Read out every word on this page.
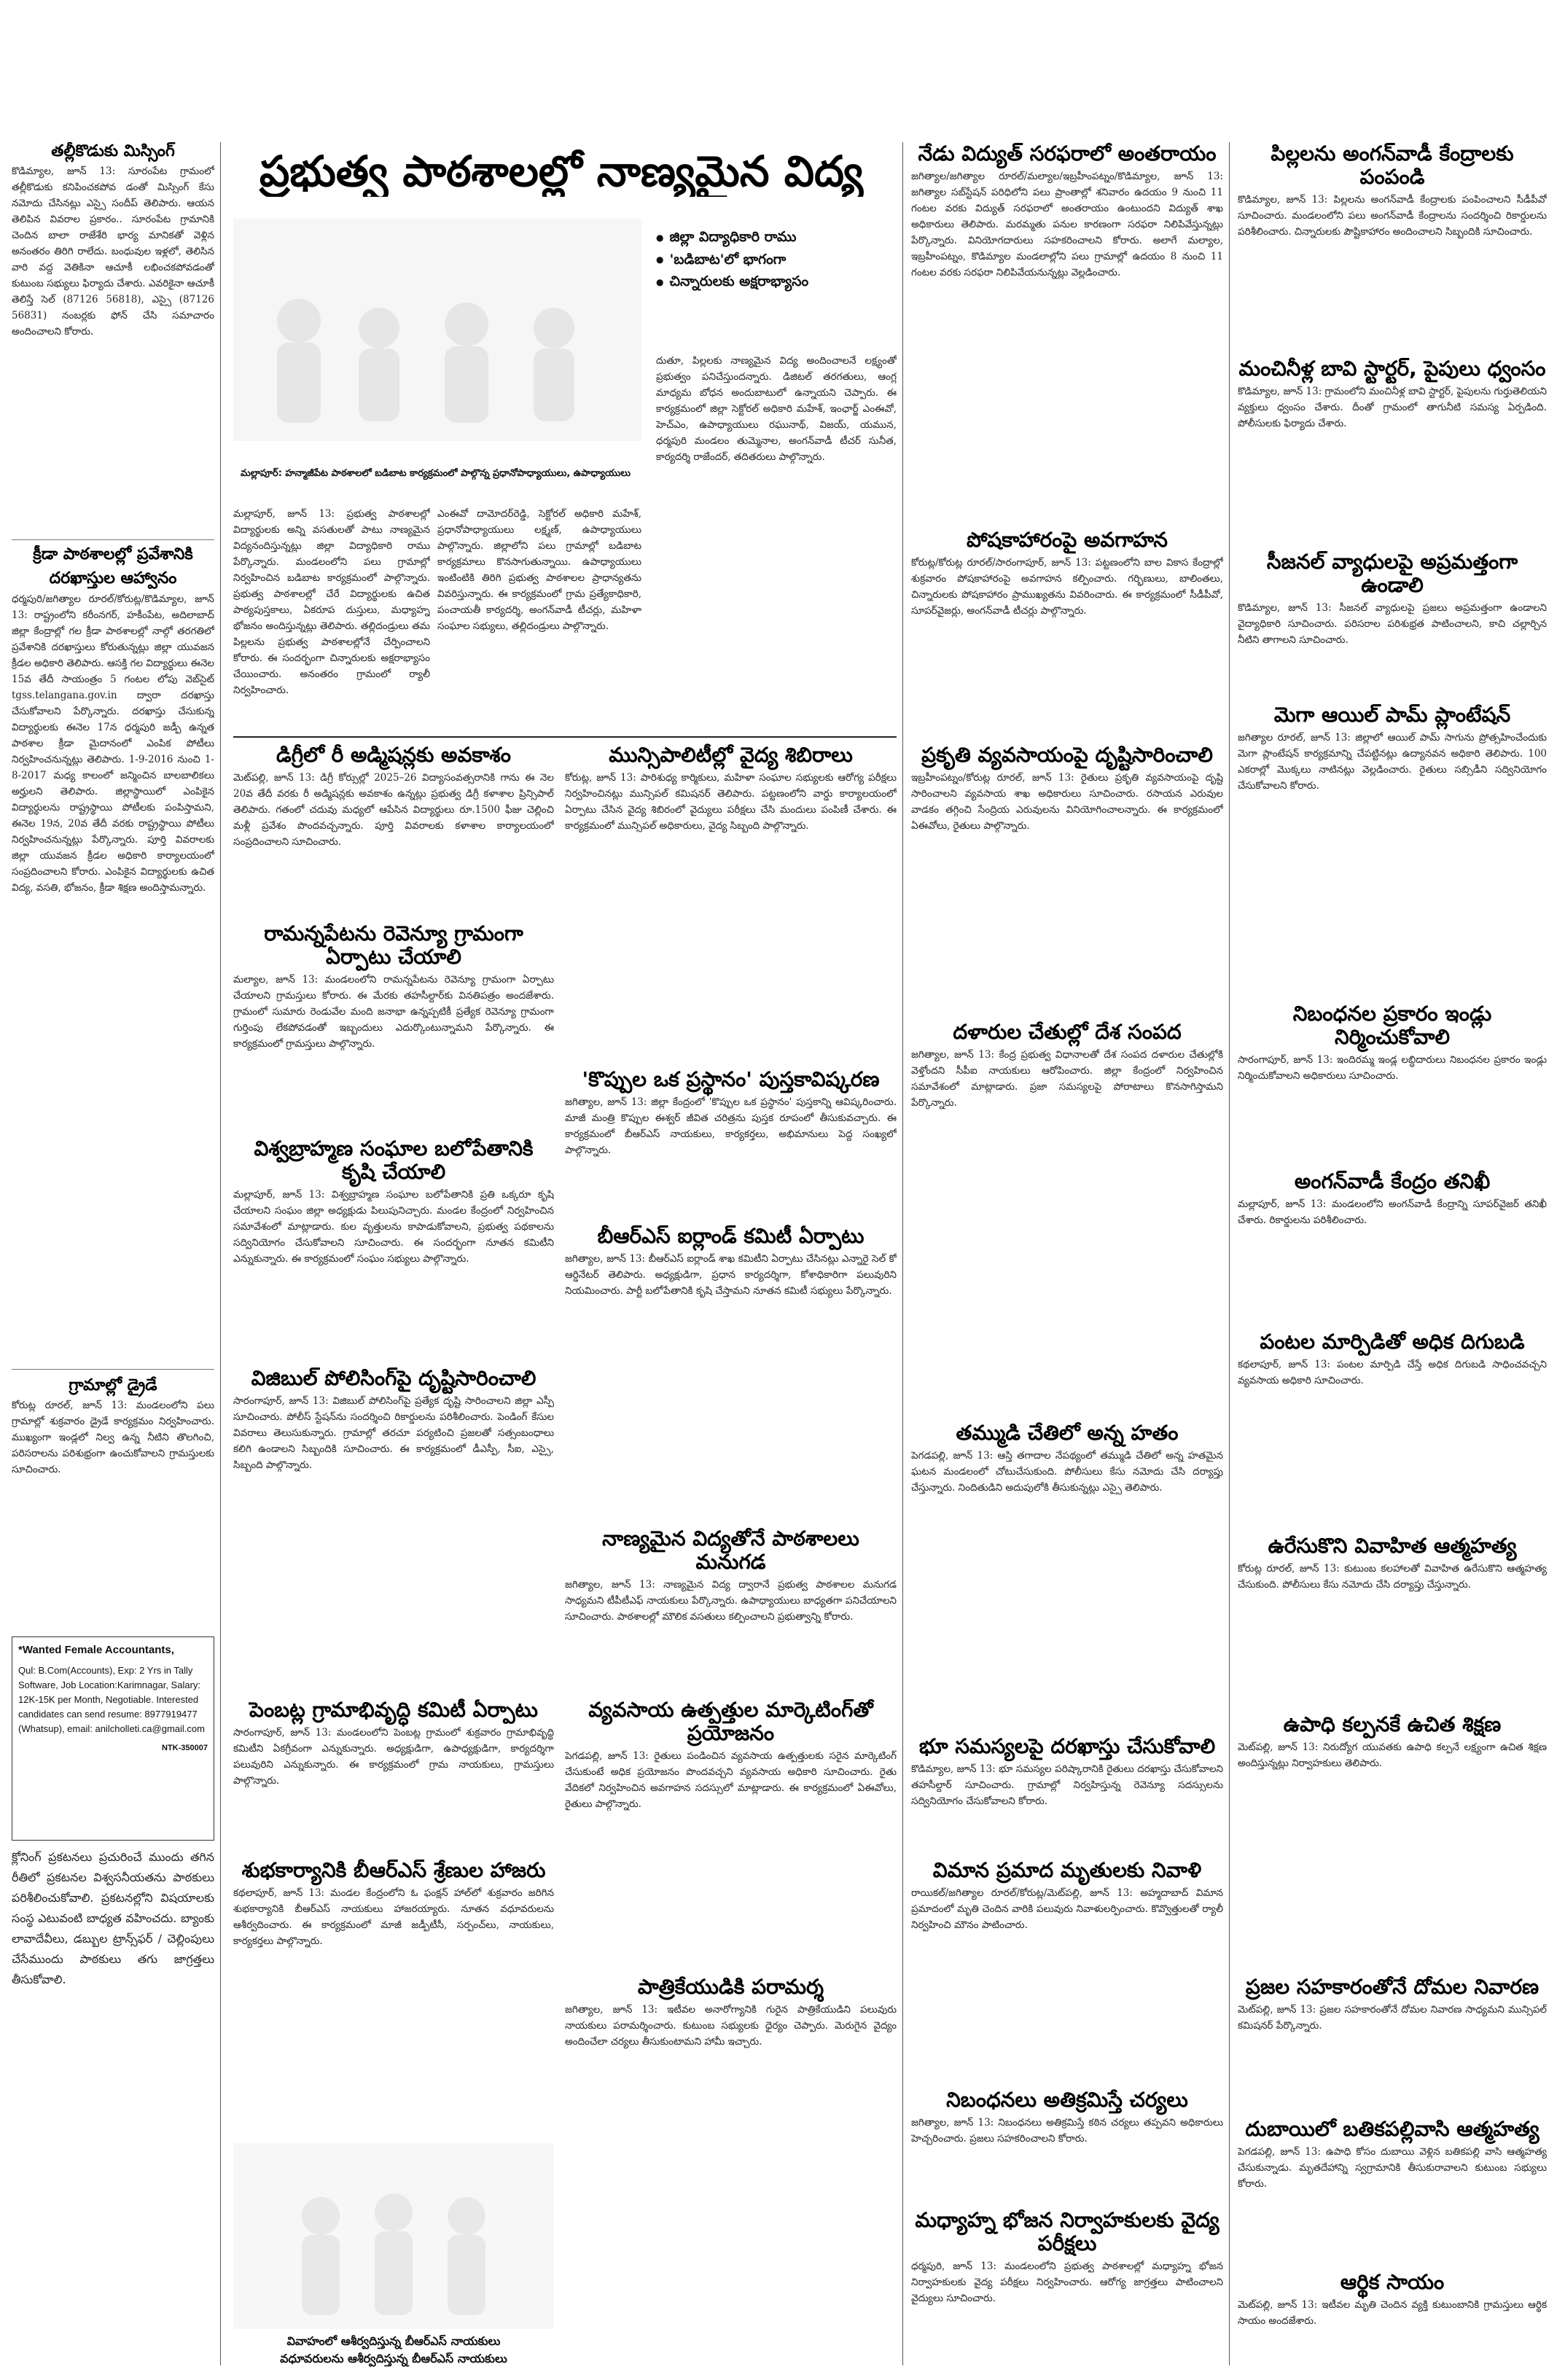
తల్లీకొడుకు మిస్సింగ్

కొడిమ్యాల, జూన్ 13: సూరంపేట గ్రామంలో తల్లీకొడుకు కనిపించకపోవ డంతో మిస్సింగ్ కేసు నమోదు చేసినట్లు ఎస్సై సందీప్ తెలిపారు. ఆయన తెలిపిన వివరాల ప్రకారం.. సూరంపేట గ్రామానికి చెందిన బాలా రాజేశేరి భార్య మానికతో వెళ్లిన అనంతరం తిరిగి రాలేదు. బంధువుల ఇళ్లలో, తెలిసిన వారి వద్ద వెతికినా ఆచూకీ లభించకపోవడంతో కుటుంబ సభ్యులు ఫిర్యాదు చేశారు. ఎవరికైనా ఆచూకీ తెలిస్తే సెల్ (87126 56818), ఎస్సై (87126 56831) నంబర్లకు ఫోన్ చేసి సమాచారం అందించాలని కోరారు.

క్రీడా పాఠశాలల్లో ప్రవేశానికి
దరఖాస్తుల ఆహ్వానం

ధర్మపురి/జగిత్యాల రూరల్/కోరుట్ల/కొడిమ్యాల, జూన్ 13: రాష్ట్రంలోని కరీంనగర్, హకీంపేట, అదిలాబాద్ జిల్లా కేంద్రాల్లో గల క్రీడా పాఠశాలల్లో నాల్గో తరగతిలో ప్రవేశానికి దరఖాస్తులు కోరుతున్నట్లు జిల్లా యువజన క్రీడల అధికారి తెలిపారు. ఆసక్తి గల విద్యార్థులు ఈనెల 15వ తేదీ సాయంత్రం 5 గంటల లోపు వెబ్‌సైట్ tgss.telangana.gov.in ద్వారా దరఖాస్తు చేసుకోవాలని పేర్కొన్నారు. దరఖాస్తు చేసుకున్న విద్యార్థులకు ఈనెల 17న ధర్మపురి జడ్పీ ఉన్నత పాఠశాల క్రీడా మైదానంలో ఎంపిక పోటీలు నిర్వహించనున్నట్లు తెలిపారు. 1-9-2016 నుంచి 1-8-2017 మధ్య కాలంలో జన్మించిన బాలబాలికలు అర్హులని తెలిపారు. జిల్లాస్థాయిలో ఎంపికైన విద్యార్థులను రాష్ట్రస్థాయి పోటీలకు పంపిస్తామని, ఈనెల 19న, 20వ తేదీ వరకు రాష్ట్రస్థాయి పోటీలు నిర్వహించనున్నట్లు పేర్కొన్నారు. పూర్తి వివరాలకు జిల్లా యువజన క్రీడల అధికారి కార్యాలయంలో సంప్రదించాలని కోరారు. ఎంపికైన విద్యార్థులకు ఉచిత విద్య, వసతి, భోజనం, క్రీడా శిక్షణ అందిస్తామన్నారు.

గ్రామాల్లో డ్రైడే

కోరుట్ల రూరల్, జూన్ 13: మండలంలోని పలు గ్రామాల్లో శుక్రవారం డ్రైడే కార్యక్రమం నిర్వహించారు. ముఖ్యంగా ఇండ్లలో నిల్వ ఉన్న నీటిని తొలగించి, పరిసరాలను పరిశుభ్రంగా ఉంచుకోవాలని గ్రామస్తులకు సూచించారు.

*Wanted Female Accountants,
Qul: B.Com(Accounts), Exp: 2 Yrs in Tally Software, Job Location:Karimnagar, Salary: 12K-15K per Month, Negotiable. Interested candidates can send resume: 8977919477 (Whatsup), email: anilcholleti.ca@gmail.com
NTK-350007

క్లోనింగ్ ప్రకటనలు ప్రచురించే ముందు తగిన రీతిలో ప్రకటనల విశ్వసనీయతను పాఠకులు పరిశీలించుకోవాలి. ప్రకటనల్లోని విషయాలకు సంస్థ ఎటువంటి బాధ్యత వహించదు. బ్యాంకు లావాదేవీలు, డబ్బుల ట్రాన్స్‌ఫర్ / చెల్లింపులు చేసేముందు పాఠకులు తగు జాగ్రత్తలు తీసుకోవాలి.

ప్రభుత్వ పాఠశాలల్లో నాణ్యమైన విద్య
● జిల్లా విద్యాధికారి రాము
● 'బడిబాట'లో భాగంగా
● చిన్నారులకు అక్షరాభ్యాసం
మల్లాపూర్: హన్మాజీపేట పాఠశాలలో బడిబాట కార్యక్రమంలో పాల్గొన్న ప్రధానోపాధ్యాయులు, ఉపాధ్యాయులు

మల్లాపూర్, జూన్ 13: ప్రభుత్వ పాఠశాలల్లో విద్యార్థులకు అన్ని వసతులతో పాటు నాణ్యమైన విద్యనందిస్తున్నట్లు జిల్లా విద్యాధికారి రాము పేర్కొన్నారు. మండలంలోని పలు గ్రామాల్లో నిర్వహించిన బడిబాట కార్యక్రమంలో పాల్గొన్నారు. ప్రభుత్వ పాఠశాలల్లో చేరే విద్యార్థులకు ఉచిత పాఠ్యపుస్తకాలు, ఏకరూప దుస్తులు, మధ్యాహ్న భోజనం అందిస్తున్నట్లు తెలిపారు. తల్లిదండ్రులు తమ పిల్లలను ప్రభుత్వ పాఠశాలల్లోనే చేర్పించాలని కోరారు. ఈ సందర్భంగా చిన్నారులకు అక్షరాభ్యాసం చేయించారు. అనంతరం గ్రామంలో ర్యాలీ నిర్వహించారు.

ఎంఈవో దామోదర్‌రెడ్డి, సెక్టోరల్ అధికారి మహేశ్, ప్రధానోపాధ్యాయులు లక్ష్మణ్, ఉపాధ్యాయులు పాల్గొన్నారు. జిల్లాలోని పలు గ్రామాల్లో బడిబాట కార్యక్రమాలు కొనసాగుతున్నాయి. ఉపాధ్యాయులు ఇంటింటికి తిరిగి ప్రభుత్వ పాఠశాలల ప్రాధాన్యతను వివరిస్తున్నారు. ఈ కార్యక్రమంలో గ్రామ ప్రత్యేకాధికారి, పంచాయతీ కార్యదర్శి, అంగన్‌వాడీ టీచర్లు, మహిళా సంఘాల సభ్యులు, తల్లిదండ్రులు పాల్గొన్నారు.

దుతూ, పిల్లలకు నాణ్యమైన విద్య అందించాలనే లక్ష్యంతో ప్రభుత్వం పనిచేస్తుందన్నారు. డిజిటల్ తరగతులు, ఆంగ్ల మాధ్యమ బోధన అందుబాటులో ఉన్నాయని చెప్పారు. ఈ కార్యక్రమంలో జిల్లా సెక్టోరల్ అధికారి మహేశ్, ఇంఛార్జ్ ఎంఈవో, హెచ్ఎం, ఉపాధ్యాయులు రఘునాథ్, విజయ్, యమున, ధర్మపురి మండలం తుమ్మెనాల, అంగన్‌వాడీ టీచర్ సునీత, కార్యదర్శి రాజేందర్, తదితరులు పాల్గొన్నారు.

డిగ్రీలో రీ అడ్మిషన్లకు అవకాశం

మెట్‌పల్లి, జూన్ 13: డిగ్రీ కోర్సుల్లో 2025–26 విద్యాసంవత్సరానికి గాను ఈ నెల 20వ తేదీ వరకు రీ అడ్మిషన్లకు అవకాశం ఉన్నట్లు ప్రభుత్వ డిగ్రీ కళాశాల ప్రిన్సిపాల్ తెలిపారు. గతంలో చదువు మధ్యలో ఆపేసిన విద్యార్థులు రూ.1500 ఫీజు చెల్లించి మళ్లీ ప్రవేశం పొందవచ్చన్నారు. పూర్తి వివరాలకు కళాశాల కార్యాలయంలో సంప్రదించాలని సూచించారు.

రామన్నపేటను రెవెన్యూ గ్రామంగా
ఏర్పాటు చేయాలి

మల్యాల, జూన్ 13: మండలంలోని రామన్నపేటను రెవెన్యూ గ్రామంగా ఏర్పాటు చేయాలని గ్రామస్తులు కోరారు. ఈ మేరకు తహసీల్దార్‌కు వినతిపత్రం అందజేశారు. గ్రామంలో సుమారు రెండువేల మంది జనాభా ఉన్నప్పటికీ ప్రత్యేక రెవెన్యూ గ్రామంగా గుర్తింపు లేకపోవడంతో ఇబ్బందులు ఎదుర్కొంటున్నామని పేర్కొన్నారు. ఈ కార్యక్రమంలో గ్రామస్తులు పాల్గొన్నారు.

విశ్వబ్రాహ్మణ సంఘాల బలోపేతానికి
కృషి చేయాలి

మల్లాపూర్, జూన్ 13: విశ్వబ్రాహ్మణ సంఘాల బలోపేతానికి ప్రతి ఒక్కరూ కృషి చేయాలని సంఘం జిల్లా అధ్యక్షుడు పిలుపునిచ్చారు. మండల కేంద్రంలో నిర్వహించిన సమావేశంలో మాట్లాడారు. కుల వృత్తులను కాపాడుకోవాలని, ప్రభుత్వ పథకాలను సద్వినియోగం చేసుకోవాలని సూచించారు. ఈ సందర్భంగా నూతన కమిటీని ఎన్నుకున్నారు. ఈ కార్యక్రమంలో సంఘం సభ్యులు పాల్గొన్నారు.

విజిబుల్ పోలిసింగ్‌పై దృష్టిసారించాలి

సారంగాపూర్, జూన్ 13: విజిబుల్ పోలిసింగ్‌పై ప్రత్యేక దృష్టి సారించాలని జిల్లా ఎస్పీ సూచించారు. పోలీస్ స్టేషన్‌ను సందర్శించి రికార్డులను పరిశీలించారు. పెండింగ్ కేసుల వివరాలు తెలుసుకున్నారు. గ్రామాల్లో తరచూ పర్యటించి ప్రజలతో సత్సంబంధాలు కలిగి ఉండాలని సిబ్బందికి సూచించారు. ఈ కార్యక్రమంలో డీఎస్పీ, సీఐ, ఎస్సై, సిబ్బంది పాల్గొన్నారు.

పెంబట్ల గ్రామాభివృద్ధి కమిటీ ఏర్పాటు

సారంగాపూర్, జూన్ 13: మండలంలోని పెంబట్ల గ్రామంలో శుక్రవారం గ్రామాభివృద్ధి కమిటీని ఏకగ్రీవంగా ఎన్నుకున్నారు. అధ్యక్షుడిగా, ఉపాధ్యక్షుడిగా, కార్యదర్శిగా పలువురిని ఎన్నుకున్నారు. ఈ కార్యక్రమంలో గ్రామ నాయకులు, గ్రామస్తులు పాల్గొన్నారు.

శుభకార్యానికి బీఆర్ఎస్ శ్రేణుల హాజరు

కథలాపూర్, జూన్ 13: మండల కేంద్రంలోని ఓ ఫంక్షన్ హాల్‌లో శుక్రవారం జరిగిన శుభకార్యానికి బీఆర్ఎస్ నాయకులు హాజరయ్యారు. నూతన వధూవరులను ఆశీర్వదించారు. ఈ కార్యక్రమంలో మాజీ జడ్పీటీసీ, సర్పంచ్‌లు, నాయకులు, కార్యకర్తలు పాల్గొన్నారు.

వివాహంలో ఆశీర్వదిస్తున్న బీఆర్ఎస్ నాయకులు
వధూవరులను ఆశీర్వదిస్తున్న బీఆర్ఎస్ నాయకులు
మున్సిపాలిటీల్లో వైద్య శిబిరాలు

కోరుట్ల, జూన్ 13: పారిశుధ్య కార్మికులు, మహిళా సంఘాల సభ్యులకు ఆరోగ్య పరీక్షలు నిర్వహించినట్లు మున్సిపల్ కమిషనర్ తెలిపారు. పట్టణంలోని వార్డు కార్యాలయంలో ఏర్పాటు చేసిన వైద్య శిబిరంలో వైద్యులు పరీక్షలు చేసి మందులు పంపిణీ చేశారు. ఈ కార్యక్రమంలో మున్సిపల్ అధికారులు, వైద్య సిబ్బంది పాల్గొన్నారు.

'కొప్పుల ఒక ప్రస్థానం' పుస్తకావిష్కరణ

జగిత్యాల, జూన్ 13: జిల్లా కేంద్రంలో 'కొప్పుల ఒక ప్రస్థానం' పుస్తకాన్ని ఆవిష్కరించారు. మాజీ మంత్రి కొప్పుల ఈశ్వర్ జీవిత చరిత్రను పుస్తక రూపంలో తీసుకువచ్చారు. ఈ కార్యక్రమంలో బీఆర్ఎస్ నాయకులు, కార్యకర్తలు, అభిమానులు పెద్ద సంఖ్యలో పాల్గొన్నారు.

బీఆర్ఎస్ ఐర్లాండ్ కమిటీ ఏర్పాటు

జగిత్యాల, జూన్ 13: బీఆర్ఎస్ ఐర్లాండ్ శాఖ కమిటీని ఏర్పాటు చేసినట్లు ఎన్నారై సెల్ కో ఆర్డినేటర్ తెలిపారు. అధ్యక్షుడిగా, ప్రధాన కార్యదర్శిగా, కోశాధికారిగా పలువురిని నియమించారు. పార్టీ బలోపేతానికి కృషి చేస్తామని నూతన కమిటీ సభ్యులు పేర్కొన్నారు.

నాణ్యమైన విద్యతోనే పాఠశాలలు మనుగడ

జగిత్యాల, జూన్ 13: నాణ్యమైన విద్య ద్వారానే ప్రభుత్వ పాఠశాలల మనుగడ సాధ్యమని టీపీటీఎఫ్ నాయకులు పేర్కొన్నారు. ఉపాధ్యాయులు బాధ్యతగా పనిచేయాలని సూచించారు. పాఠశాలల్లో మౌలిక వసతులు కల్పించాలని ప్రభుత్వాన్ని కోరారు.

వ్యవసాయ ఉత్పత్తుల మార్కెటింగ్‌తో
ప్రయోజనం

పెగడపల్లి, జూన్ 13: రైతులు పండించిన వ్యవసాయ ఉత్పత్తులకు సరైన మార్కెటింగ్ చేసుకుంటే అధిక ప్రయోజనం పొందవచ్చని వ్యవసాయ అధికారి సూచించారు. రైతు వేదికలో నిర్వహించిన అవగాహన సదస్సులో మాట్లాడారు. ఈ కార్యక్రమంలో ఏఈవోలు, రైతులు పాల్గొన్నారు.

పాత్రికేయుడికి పరామర్శ

జగిత్యాల, జూన్ 13: ఇటీవల అనారోగ్యానికి గురైన పాత్రికేయుడిని పలువురు నాయకులు పరామర్శించారు. కుటుంబ సభ్యులకు ధైర్యం చెప్పారు. మెరుగైన వైద్యం అందించేలా చర్యలు తీసుకుంటామని హామీ ఇచ్చారు.

నేడు విద్యుత్ సరఫరాలో అంతరాయం

జగిత్యాల/జగిత్యాల రూరల్/మల్యాల/ఇబ్రహీంపట్నం/కొడిమ్యాల, జూన్ 13: జగిత్యాల సబ్‌స్టేషన్ పరిధిలోని పలు ప్రాంతాల్లో శనివారం ఉదయం 9 నుంచి 11 గంటల వరకు విద్యుత్ సరఫరాలో అంతరాయం ఉంటుందని విద్యుత్ శాఖ అధికారులు తెలిపారు. మరమ్మతు పనుల కారణంగా సరఫరా నిలిపివేస్తున్నట్లు పేర్కొన్నారు. వినియోగదారులు సహకరించాలని కోరారు. అలాగే మల్యాల, ఇబ్రహీంపట్నం, కొడిమ్యాల మండలాల్లోని పలు గ్రామాల్లో ఉదయం 8 నుంచి 11 గంటల వరకు సరఫరా నిలిపివేయనున్నట్లు వెల్లడించారు.

పోషకాహారంపై అవగాహన

కోరుట్ల/కోరుట్ల రూరల్/సారంగాపూర్, జూన్ 13: పట్టణంలోని బాల వికాస కేంద్రాల్లో శుక్రవారం పోషకాహారంపై అవగాహన కల్పించారు. గర్భిణులు, బాలింతలు, చిన్నారులకు పోషకాహారం ప్రాముఖ్యతను వివరించారు. ఈ కార్యక్రమంలో సీడీపీవో, సూపర్‌వైజర్లు, అంగన్‌వాడీ టీచర్లు పాల్గొన్నారు.

ప్రకృతి వ్యవసాయంపై దృష్టిసారించాలి

ఇబ్రహీంపట్నం/కోరుట్ల రూరల్, జూన్ 13: రైతులు ప్రకృతి వ్యవసాయంపై దృష్టి సారించాలని వ్యవసాయ శాఖ అధికారులు సూచించారు. రసాయన ఎరువుల వాడకం తగ్గించి సేంద్రియ ఎరువులను వినియోగించాలన్నారు. ఈ కార్యక్రమంలో ఏఈవోలు, రైతులు పాల్గొన్నారు.

దళారుల చేతుల్లో దేశ సంపద

జగిత్యాల, జూన్ 13: కేంద్ర ప్రభుత్వ విధానాలతో దేశ సంపద దళారుల చేతుల్లోకి వెళ్తోందని సీపీఐ నాయకులు ఆరోపించారు. జిల్లా కేంద్రంలో నిర్వహించిన సమావేశంలో మాట్లాడారు. ప్రజా సమస్యలపై పోరాటాలు కొనసాగిస్తామని పేర్కొన్నారు.

తమ్ముడి చేతిలో అన్న హతం

పెగడపల్లి, జూన్ 13: ఆస్తి తగాదాల నేపథ్యంలో తమ్ముడి చేతిలో అన్న హతమైన ఘటన మండలంలో చోటుచేసుకుంది. పోలీసులు కేసు నమోదు చేసి దర్యాప్తు చేస్తున్నారు. నిందితుడిని అదుపులోకి తీసుకున్నట్లు ఎస్సై తెలిపారు.

భూ సమస్యలపై దరఖాస్తు చేసుకోవాలి

కొడిమ్యాల, జూన్ 13: భూ సమస్యల పరిష్కారానికి రైతులు దరఖాస్తు చేసుకోవాలని తహసీల్దార్ సూచించారు. గ్రామాల్లో నిర్వహిస్తున్న రెవెన్యూ సదస్సులను సద్వినియోగం చేసుకోవాలని కోరారు.

విమాన ప్రమాద మృతులకు నివాళి

రాయికల్/జగిత్యాల రూరల్/కోరుట్ల/మెట్‌పల్లి, జూన్ 13: అహ్మదాబాద్ విమాన ప్రమాదంలో మృతి చెందిన వారికి పలువురు నివాళులర్పించారు. కొవ్వొత్తులతో ర్యాలీ నిర్వహించి మౌనం పాటించారు.

నిబంధనలు అతిక్రమిస్తే చర్యలు

జగిత్యాల, జూన్ 13: నిబంధనలు అతిక్రమిస్తే కఠిన చర్యలు తప్పవని అధికారులు హెచ్చరించారు. ప్రజలు సహకరించాలని కోరారు.

మధ్యాహ్న భోజన నిర్వాహకులకు వైద్య పరీక్షలు

ధర్మపురి, జూన్ 13: మండలంలోని ప్రభుత్వ పాఠశాలల్లో మధ్యాహ్న భోజన నిర్వాహకులకు వైద్య పరీక్షలు నిర్వహించారు. ఆరోగ్య జాగ్రత్తలు పాటించాలని వైద్యులు సూచించారు.

పిల్లలను అంగన్‌వాడీ కేంద్రాలకు పంపండి

కొడిమ్యాల, జూన్ 13: పిల్లలను అంగన్‌వాడీ కేంద్రాలకు పంపించాలని సీడీపీవో సూచించారు. మండలంలోని పలు అంగన్‌వాడీ కేంద్రాలను సందర్శించి రికార్డులను పరిశీలించారు. చిన్నారులకు పౌష్టికాహారం అందించాలని సిబ్బందికి సూచించారు.

మంచినీళ్ల బావి స్టార్టర్, పైపులు ధ్వంసం

కొడిమ్యాల, జూన్ 13: గ్రామంలోని మంచినీళ్ల బావి స్టార్టర్, పైపులను గుర్తుతెలియని వ్యక్తులు ధ్వంసం చేశారు. దీంతో గ్రామంలో తాగునీటి సమస్య ఏర్పడింది. పోలీసులకు ఫిర్యాదు చేశారు.

సీజనల్ వ్యాధులపై అప్రమత్తంగా ఉండాలి

కొడిమ్యాల, జూన్ 13: సీజనల్ వ్యాధులపై ప్రజలు అప్రమత్తంగా ఉండాలని వైద్యాధికారి సూచించారు. పరిసరాల పరిశుభ్రత పాటించాలని, కాచి చల్లార్చిన నీటిని తాగాలని సూచించారు.

మెగా ఆయిల్ పామ్ ప్లాంటేషన్

జగిత్యాల రూరల్, జూన్ 13: జిల్లాలో ఆయిల్ పామ్ సాగును ప్రోత్సహించేందుకు మెగా ప్లాంటేషన్ కార్యక్రమాన్ని చేపట్టినట్లు ఉద్యానవన అధికారి తెలిపారు. 100 ఎకరాల్లో మొక్కలు నాటినట్లు వెల్లడించారు. రైతులు సబ్సిడీని సద్వినియోగం చేసుకోవాలని కోరారు.

నిబంధనల ప్రకారం ఇండ్లు నిర్మించుకోవాలి

సారంగాపూర్, జూన్ 13: ఇందిరమ్మ ఇండ్ల లబ్ధిదారులు నిబంధనల ప్రకారం ఇండ్లు నిర్మించుకోవాలని అధికారులు సూచించారు.

అంగన్‌వాడీ కేంద్రం తనిఖీ

మల్లాపూర్, జూన్ 13: మండలంలోని అంగన్‌వాడీ కేంద్రాన్ని సూపర్‌వైజర్ తనిఖీ చేశారు. రికార్డులను పరిశీలించారు.

పంటల మార్పిడితో అధిక దిగుబడి

కథలాపూర్, జూన్ 13: పంటల మార్పిడి చేస్తే అధిక దిగుబడి సాధించవచ్చని వ్యవసాయ అధికారి సూచించారు.

ఉరేసుకొని వివాహిత ఆత్మహత్య

కోరుట్ల రూరల్, జూన్ 13: కుటుంబ కలహాలతో వివాహిత ఉరేసుకొని ఆత్మహత్య చేసుకుంది. పోలీసులు కేసు నమోదు చేసి దర్యాప్తు చేస్తున్నారు.

ఉపాధి కల్పనకే ఉచిత శిక్షణ

మెట్‌పల్లి, జూన్ 13: నిరుద్యోగ యువతకు ఉపాధి కల్పనే లక్ష్యంగా ఉచిత శిక్షణ అందిస్తున్నట్లు నిర్వాహకులు తెలిపారు.

ప్రజల సహకారంతోనే దోమల నివారణ

మెట్‌పల్లి, జూన్ 13: ప్రజల సహకారంతోనే దోమల నివారణ సాధ్యమని మున్సిపల్ కమిషనర్ పేర్కొన్నారు.

దుబాయిలో బతికపల్లివాసి ఆత్మహత్య

పెగడపల్లి, జూన్ 13: ఉపాధి కోసం దుబాయి వెళ్లిన బతికపల్లి వాసి ఆత్మహత్య చేసుకున్నాడు. మృతదేహాన్ని స్వగ్రామానికి తీసుకురావాలని కుటుంబ సభ్యులు కోరారు.

ఆర్థిక సాయం

మెట్‌పల్లి, జూన్ 13: ఇటీవల మృతి చెందిన వ్యక్తి కుటుంబానికి గ్రామస్తులు ఆర్థిక సాయం అందజేశారు.
